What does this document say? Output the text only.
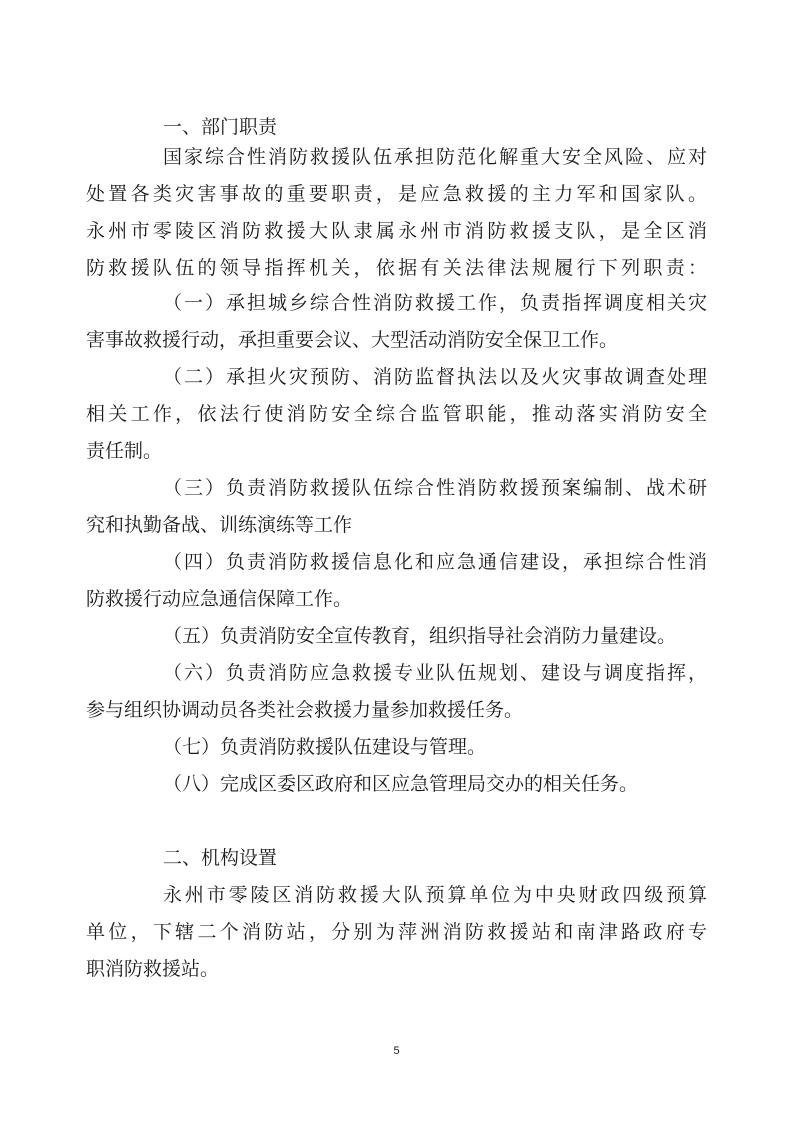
一、部门职责

国家综合性消防救援队伍承担防范化解重大安全风险、应对

处置各类灾害事故的重要职责，是应急救援的主力军和国家队。

永州市零陵区消防救援大队隶属永州市消防救援支队，是全区消

防救援队伍的领导指挥机关，依据有关法律法规履行下列职责：

（一）承担城乡综合性消防救援工作，负责指挥调度相关灾

害事故救援行动，承担重要会议、大型活动消防安全保卫工作。

（二）承担火灾预防、消防监督执法以及火灾事故调查处理

相关工作，依法行使消防安全综合监管职能，推动落实消防安全

责任制。

（三）负责消防救援队伍综合性消防救援预案编制、战术研

究和执勤备战、训练演练等工作

（四）负责消防救援信息化和应急通信建设，承担综合性消

防救援行动应急通信保障工作。

（五）负责消防安全宣传教育，组织指导社会消防力量建设。

（六）负责消防应急救援专业队伍规划、建设与调度指挥，

参与组织协调动员各类社会救援力量参加救援任务。

（七）负责消防救援队伍建设与管理。

（八）完成区委区政府和区应急管理局交办的相关任务。

二、机构设置

永州市零陵区消防救援大队预算单位为中央财政四级预算

单位，下辖二个消防站，分别为萍洲消防救援站和南津路政府专

职消防救援站。

5
